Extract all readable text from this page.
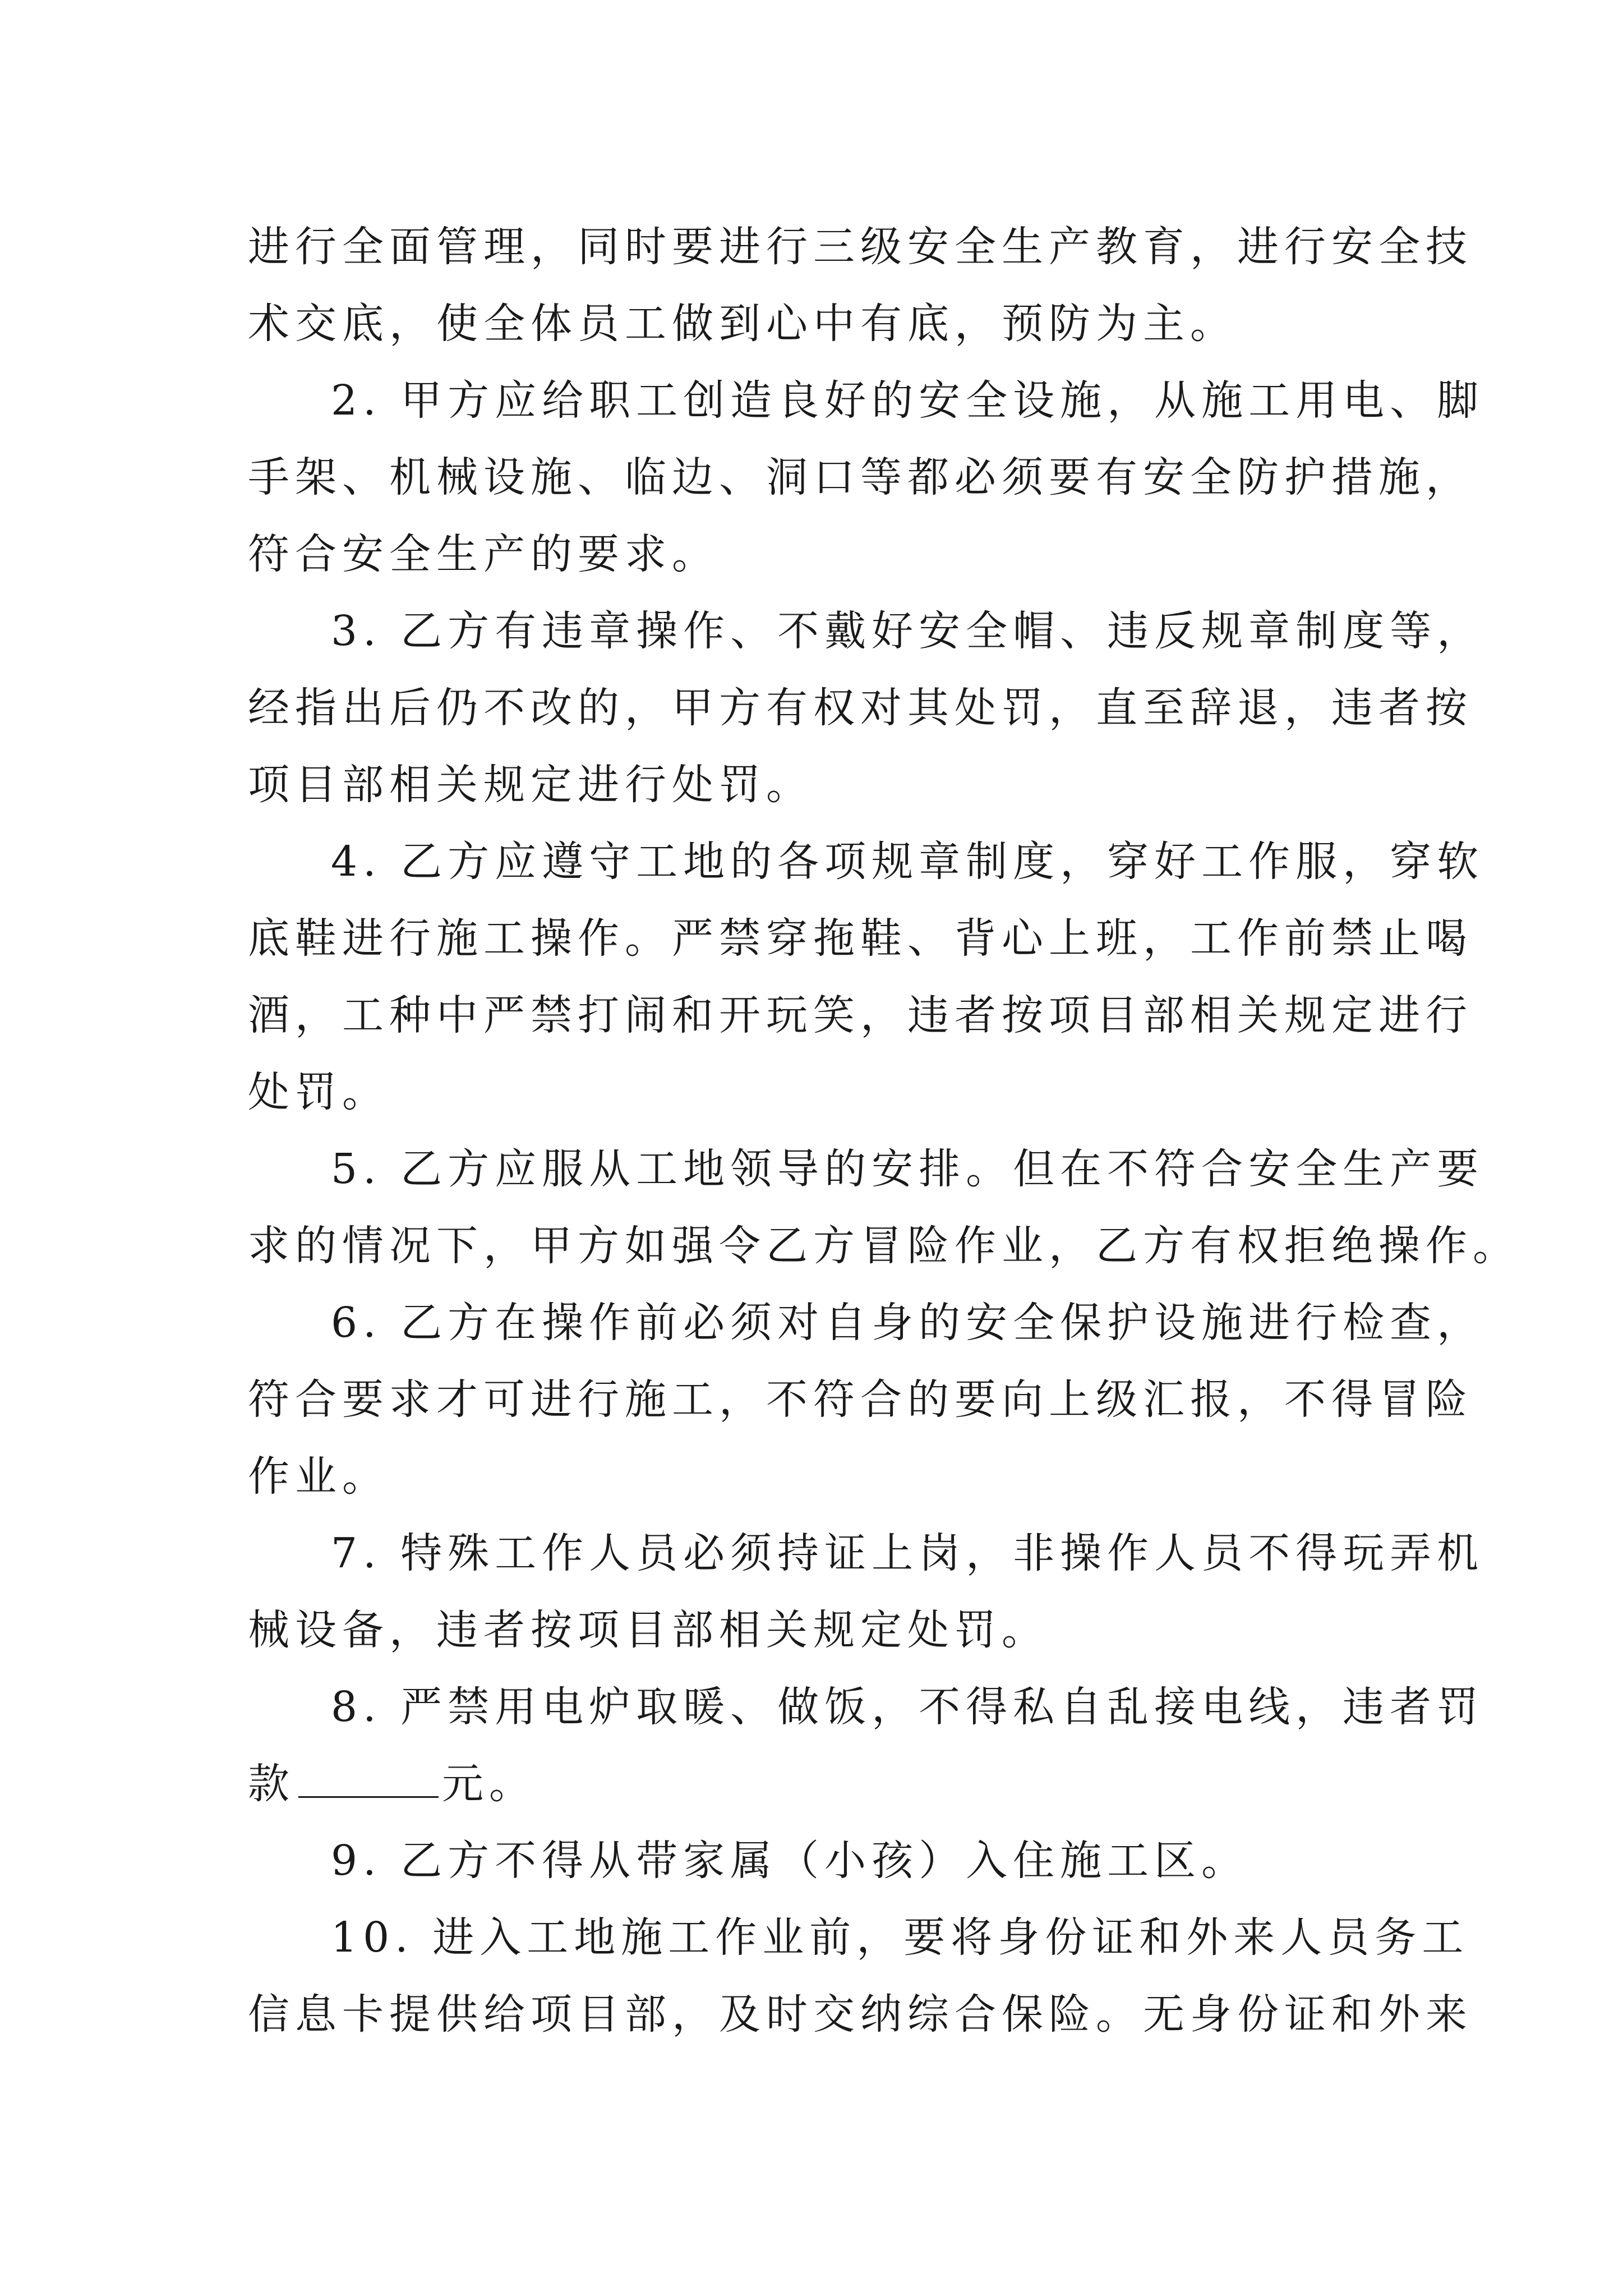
进行全面管理，同时要进行三级安全生产教育，进行安全技
术交底，使全体员工做到心中有底，预防为主。
2. 甲方应给职工创造良好的安全设施，从施工用电、脚
手架、机械设施、临边、洞口等都必须要有安全防护措施，
符合安全生产的要求。
3. 乙方有违章操作、不戴好安全帽、违反规章制度等，
经指出后仍不改的，甲方有权对其处罚，直至辞退，违者按
项目部相关规定进行处罚。
4. 乙方应遵守工地的各项规章制度，穿好工作服，穿软
底鞋进行施工操作。严禁穿拖鞋、背心上班，工作前禁止喝
酒，工种中严禁打闹和开玩笑，违者按项目部相关规定进行
处罚。
5. 乙方应服从工地领导的安排。但在不符合安全生产要
求的情况下，甲方如强令乙方冒险作业，乙方有权拒绝操作。
6. 乙方在操作前必须对自身的安全保护设施进行检查，
符合要求才可进行施工，不符合的要向上级汇报，不得冒险
作业。
7. 特殊工作人员必须持证上岗，非操作人员不得玩弄机
械设备，违者按项目部相关规定处罚。
8. 严禁用电炉取暖、做饭，不得私自乱接电线，违者罚
款	元。
9. 乙方不得从带家属（小孩）入住施工区。
10. 进入工地施工作业前，要将身份证和外来人员务工
信息卡提供给项目部，及时交纳综合保险。无身份证和外来
